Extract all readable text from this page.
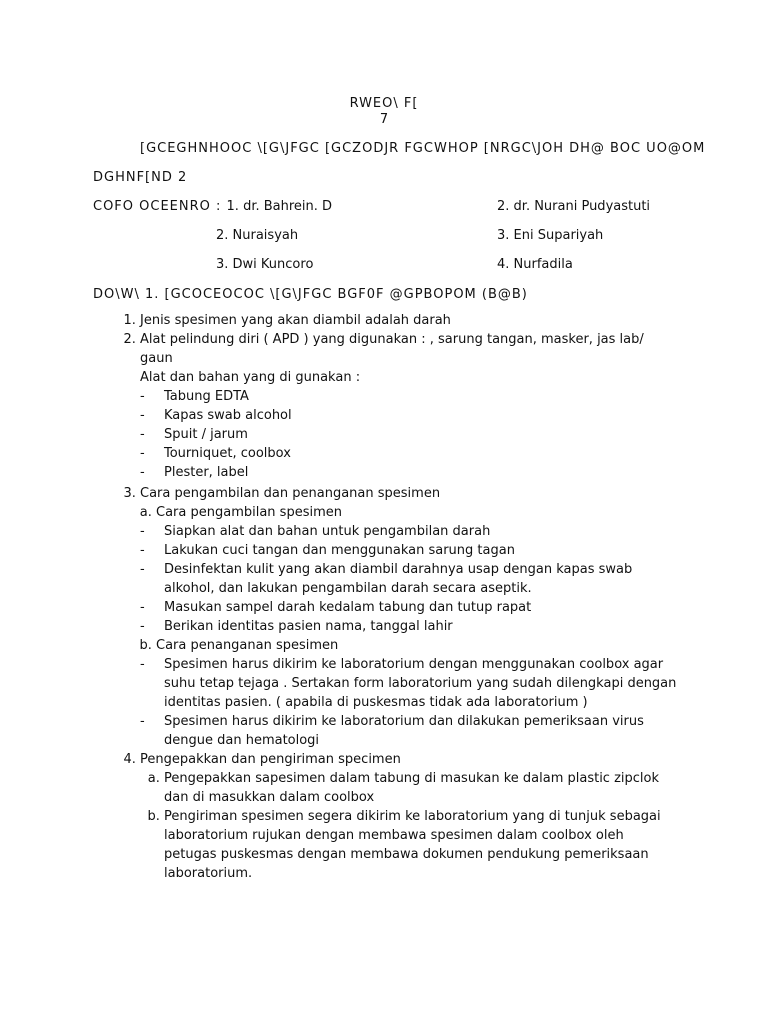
RWEO\ F[
7
[GCEGHNHOOC \[G\JFGC [GCZODJR FGCWHOP [NRGC\JOH DH@ BOC UO@OM
DGHNF[ND 2
COFO OCEENRO : 1. dr. Bahrein. D	2. dr. Nurani Pudyastuti
2. Nuraisyah	3. Eni Supariyah
3. Dwi Kuncoro	4. Nurfadila
DO\W\ 1. [GCOCEOCOC \[G\JFGC BGF0F @GPBOPOM (B@B)
1. Jenis spesimen yang akan diambil adalah darah
2. Alat pelindung diri ( APD ) yang digunakan : , sarung tangan, masker, jas lab/ gaun
Alat dan bahan yang di gunakan :
- Tabung EDTA
- Kapas swab alcohol
- Spuit / jarum
- Tourniquet, coolbox
- Plester, label
3. Cara pengambilan dan penanganan spesimen
a. Cara pengambilan spesimen
- Siapkan alat dan bahan untuk pengambilan darah
- Lakukan cuci tangan dan menggunakan sarung tagan
- Desinfektan kulit yang akan diambil darahnya usap dengan kapas swab alkohol, dan lakukan pengambilan darah secara aseptik.
- Masukan sampel darah kedalam tabung dan tutup rapat
- Berikan identitas pasien nama, tanggal lahir
b. Cara penanganan spesimen
- Spesimen harus dikirim ke laboratorium dengan menggunakan coolbox agar suhu tetap tejaga . Sertakan form laboratorium yang sudah dilengkapi dengan identitas pasien. ( apabila di puskesmas tidak ada laboratorium )
- Spesimen harus dikirim ke laboratorium dan dilakukan pemeriksaan virus dengue dan hematologi
4. Pengepakkan dan pengiriman specimen
a. Pengepakkan sapesimen dalam tabung di masukan ke dalam plastic zipclok dan di masukkan dalam coolbox
b. Pengiriman spesimen segera dikirim ke laboratorium yang di tunjuk sebagai laboratorium rujukan dengan membawa spesimen dalam coolbox oleh petugas puskesmas dengan membawa dokumen pendukung pemeriksaan laboratorium.
